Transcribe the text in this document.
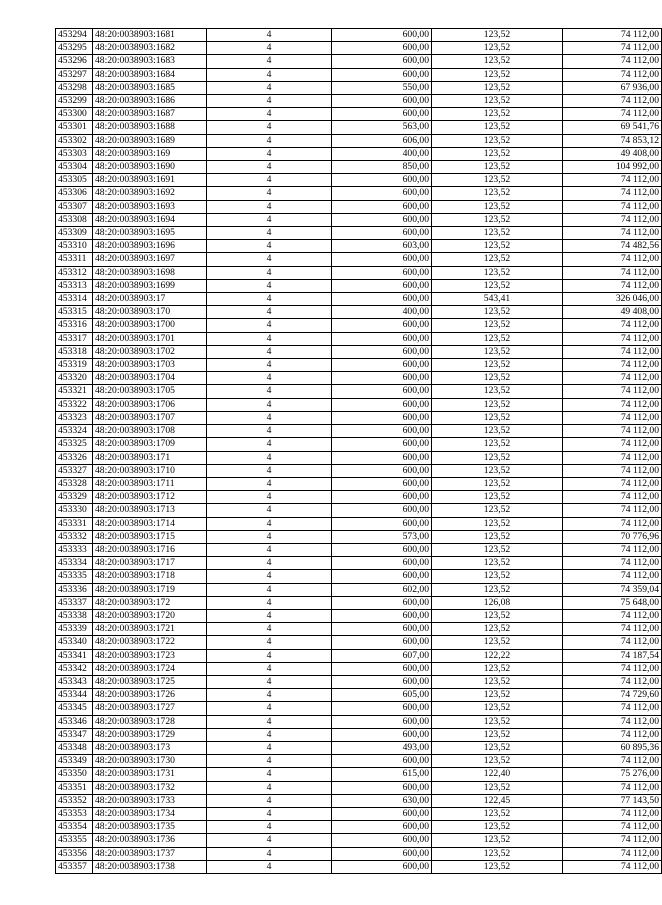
453294	48:20:0038903:1681	4	600,00	123,52	74 112,00
453295	48:20:0038903:1682	4	600,00	123,52	74 112,00
453296	48:20:0038903:1683	4	600,00	123,52	74 112,00
453297	48:20:0038903:1684	4	600,00	123,52	74 112,00
453298	48:20:0038903:1685	4	550,00	123,52	67 936,00
453299	48:20:0038903:1686	4	600,00	123,52	74 112,00
453300	48:20:0038903:1687	4	600,00	123,52	74 112,00
453301	48:20:0038903:1688	4	563,00	123,52	69 541,76
453302	48:20:0038903:1689	4	606,00	123,52	74 853,12
453303	48:20:0038903:169	4	400,00	123,52	49 408,00
453304	48:20:0038903:1690	4	850,00	123,52	104 992,00
453305	48:20:0038903:1691	4	600,00	123,52	74 112,00
453306	48:20:0038903:1692	4	600,00	123,52	74 112,00
453307	48:20:0038903:1693	4	600,00	123,52	74 112,00
453308	48:20:0038903:1694	4	600,00	123,52	74 112,00
453309	48:20:0038903:1695	4	600,00	123,52	74 112,00
453310	48:20:0038903:1696	4	603,00	123,52	74 482,56
453311	48:20:0038903:1697	4	600,00	123,52	74 112,00
453312	48:20:0038903:1698	4	600,00	123,52	74 112,00
453313	48:20:0038903:1699	4	600,00	123,52	74 112,00
453314	48:20:0038903:17	4	600,00	543,41	326 046,00
453315	48:20:0038903:170	4	400,00	123,52	49 408,00
453316	48:20:0038903:1700	4	600,00	123,52	74 112,00
453317	48:20:0038903:1701	4	600,00	123,52	74 112,00
453318	48:20:0038903:1702	4	600,00	123,52	74 112,00
453319	48:20:0038903:1703	4	600,00	123,52	74 112,00
453320	48:20:0038903:1704	4	600,00	123,52	74 112,00
453321	48:20:0038903:1705	4	600,00	123,52	74 112,00
453322	48:20:0038903:1706	4	600,00	123,52	74 112,00
453323	48:20:0038903:1707	4	600,00	123,52	74 112,00
453324	48:20:0038903:1708	4	600,00	123,52	74 112,00
453325	48:20:0038903:1709	4	600,00	123,52	74 112,00
453326	48:20:0038903:171	4	600,00	123,52	74 112,00
453327	48:20:0038903:1710	4	600,00	123,52	74 112,00
453328	48:20:0038903:1711	4	600,00	123,52	74 112,00
453329	48:20:0038903:1712	4	600,00	123,52	74 112,00
453330	48:20:0038903:1713	4	600,00	123,52	74 112,00
453331	48:20:0038903:1714	4	600,00	123,52	74 112,00
453332	48:20:0038903:1715	4	573,00	123,52	70 776,96
453333	48:20:0038903:1716	4	600,00	123,52	74 112,00
453334	48:20:0038903:1717	4	600,00	123,52	74 112,00
453335	48:20:0038903:1718	4	600,00	123,52	74 112,00
453336	48:20:0038903:1719	4	602,00	123,52	74 359,04
453337	48:20:0038903:172	4	600,00	126,08	75 648,00
453338	48:20:0038903:1720	4	600,00	123,52	74 112,00
453339	48:20:0038903:1721	4	600,00	123,52	74 112,00
453340	48:20:0038903:1722	4	600,00	123,52	74 112,00
453341	48:20:0038903:1723	4	607,00	122,22	74 187,54
453342	48:20:0038903:1724	4	600,00	123,52	74 112,00
453343	48:20:0038903:1725	4	600,00	123,52	74 112,00
453344	48:20:0038903:1726	4	605,00	123,52	74 729,60
453345	48:20:0038903:1727	4	600,00	123,52	74 112,00
453346	48:20:0038903:1728	4	600,00	123,52	74 112,00
453347	48:20:0038903:1729	4	600,00	123,52	74 112,00
453348	48:20:0038903:173	4	493,00	123,52	60 895,36
453349	48:20:0038903:1730	4	600,00	123,52	74 112,00
453350	48:20:0038903:1731	4	615,00	122,40	75 276,00
453351	48:20:0038903:1732	4	600,00	123,52	74 112,00
453352	48:20:0038903:1733	4	630,00	122,45	77 143,50
453353	48:20:0038903:1734	4	600,00	123,52	74 112,00
453354	48:20:0038903:1735	4	600,00	123,52	74 112,00
453355	48:20:0038903:1736	4	600,00	123,52	74 112,00
453356	48:20:0038903:1737	4	600,00	123,52	74 112,00
453357	48:20:0038903:1738	4	600,00	123,52	74 112,00
